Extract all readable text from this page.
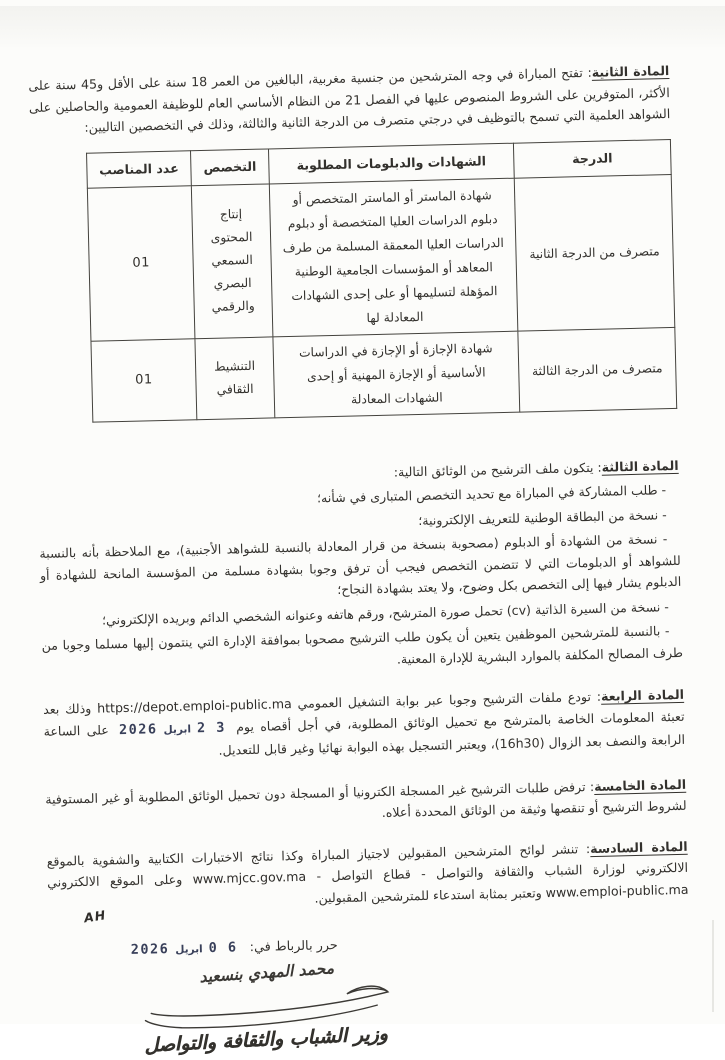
المادة الثانية: تفتح المباراة في وجه المترشحين من جنسية مغربية، البالغين من العمر 18 سنة على الأقل و45 سنة على الأكثر، المتوفرين على الشروط المنصوص عليها في الفصل 21 من النظام الأساسي العام للوظيفة العمومية والحاصلين على الشواهد العلمية التي تسمح بالتوظيف في درجتي متصرف من الدرجة الثانية والثالثة، وذلك في التخصصين التاليين:

الدرجة	الشهادات والدبلومات المطلوبة	التخصص	عدد المناصب
متصرف من الدرجة الثانية	شهادة الماستر أو الماستر المتخصص أو دبلوم الدراسات العليا المتخصصة أو دبلوم الدراسات العليا المعمقة المسلمة من طرف المعاهد أو المؤسسات الجامعية الوطنية المؤهلة لتسليمها أو على إحدى الشهادات المعادلة لها	إنتاج المحتوى السمعي البصري والرقمي	01
متصرف من الدرجة الثالثة	شهادة الإجازة أو الإجازة في الدراسات الأساسية أو الإجازة المهنية أو إحدى الشهادات المعادلة	التنشيط الثقافي	01

المادة الثالثة: يتكون ملف الترشيح من الوثائق التالية:

- طلب المشاركة في المباراة مع تحديد التخصص المتبارى في شأنه؛

- نسخة من البطاقة الوطنية للتعريف الإلكترونية؛

- نسخة من الشهادة أو الدبلوم (مصحوبة بنسخة من قرار المعادلة بالنسبة للشواهد الأجنبية)، مع الملاحظة بأنه بالنسبة للشواهد أو الدبلومات التي لا تتضمن التخصص فيجب أن ترفق وجوبا بشهادة مسلمة من المؤسسة المانحة للشهادة أو الدبلوم يشار فيها إلى التخصص بكل وضوح، ولا يعتد بشهادة النجاح؛

- نسخة من السيرة الذاتية (cv) تحمل صورة المترشح، ورقم هاتفه وعنوانه الشخصي الدائم وبريده الإلكتروني؛

- بالنسبة للمترشحين الموظفين يتعين أن يكون طلب الترشيح مصحوبا بموافقة الإدارة التي ينتمون إليها مسلما وجوبا من طرف المصالح المكلفة بالموارد البشرية للإدارة المعنية.

المادة الرابعة: تودع ملفات الترشيح وجوبا عبر بوابة التشغيل العمومي https://depot.emploi-public.ma وذلك بعد تعبئة المعلومات الخاصة بالمترشح مع تحميل الوثائق المطلوبة، في أجل أقصاه يوم
2 3
ابريل
2026
على الساعة الرابعة والنصف بعد الزوال (16h30)، ويعتبر التسجيل بهذه البوابة نهائيا وغير قابل للتعديل.

المادة الخامسة: ترفض طلبات الترشيح غير المسجلة الكترونيا أو المسجلة دون تحميل الوثائق المطلوبة أو غير المستوفية لشروط الترشيح أو تنقصها وثيقة من الوثائق المحددة أعلاه.

المادة السادسة: تنشر لوائح المترشحين المقبولين لاجتياز المباراة وكذا نتائج الاختبارات الكتابية والشفوية بالموقع الالكتروني لوزارة الشباب والثقافة والتواصل - قطاع التواصل - www.mjcc.gov.ma وعلى الموقع الالكتروني www.emploi-public.ma وتعتبر بمثابة استدعاء للمترشحين المقبولين.

AH
حرر بالرباط في:
0 6
ابريل
2026
محمد المهدي بنسعيد
وزير الشباب والثقافة والتواصل
